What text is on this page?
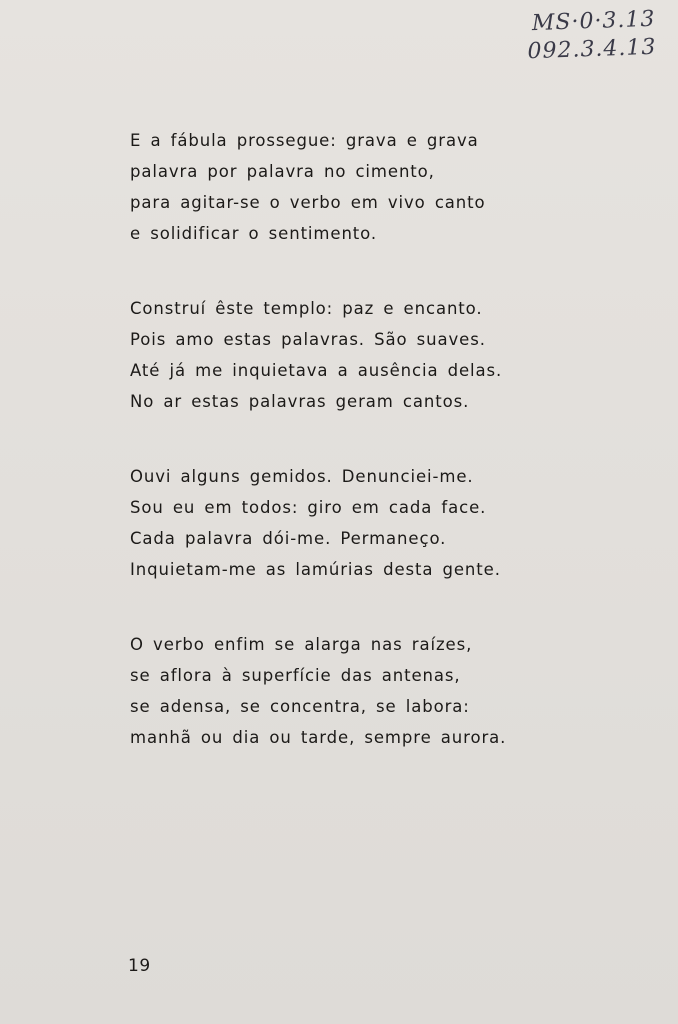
MS·0·3.13
092.3.4.13
E a fábula prossegue: grava e grava
palavra por palavra no cimento,
para agitar-se o verbo em vivo canto
e solidificar o sentimento.
Construí êste templo: paz e encanto.
Pois amo estas palavras. São suaves.
Até já me inquietava a ausência delas.
No ar estas palavras geram cantos.
Ouvi alguns gemidos. Denunciei-me.
Sou eu em todos: giro em cada face.
Cada palavra dói-me. Permaneço.
Inquietam-me as lamúrias desta gente.
O verbo enfim se alarga nas raízes,
se aflora à superfície das antenas,
se adensa, se concentra, se labora:
manhã ou dia ou tarde, sempre aurora.
19
